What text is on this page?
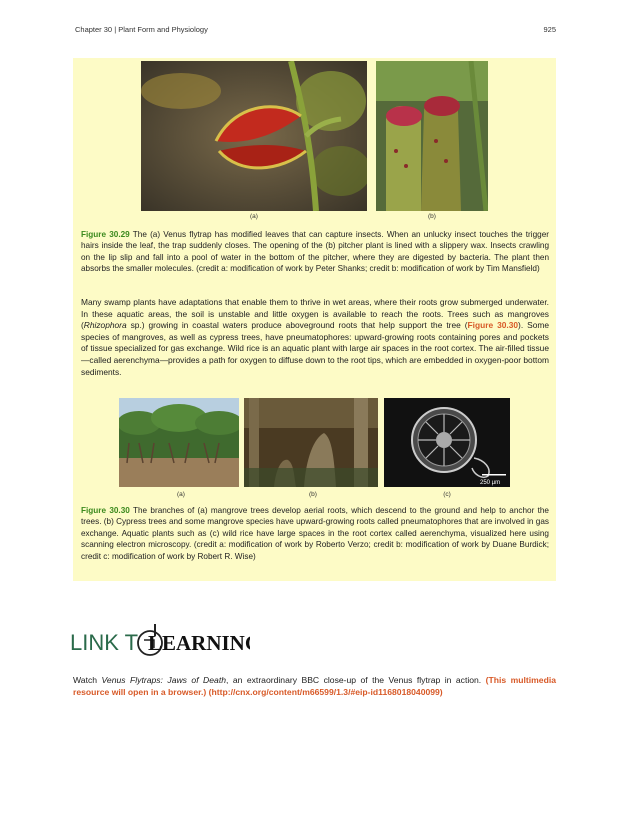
Chapter 30 | Plant Form and Physiology	925
(a)	(b)
Figure 30.29 The (a) Venus flytrap has modified leaves that can capture insects. When an unlucky insect touches the trigger hairs inside the leaf, the trap suddenly closes. The opening of the (b) pitcher plant is lined with a slippery wax. Insects crawling on the lip slip and fall into a pool of water in the bottom of the pitcher, where they are digested by bacteria. The plant then absorbs the smaller molecules. (credit a: modification of work by Peter Shanks; credit b: modification of work by Tim Mansfield)
Many swamp plants have adaptations that enable them to thrive in wet areas, where their roots grow submerged underwater. In these aquatic areas, the soil is unstable and little oxygen is available to reach the roots. Trees such as mangroves (Rhizophora sp.) growing in coastal waters produce aboveground roots that help support the tree (Figure 30.30). Some species of mangroves, as well as cypress trees, have pneumatophores: upward-growing roots containing pores and pockets of tissue specialized for gas exchange. Wild rice is an aquatic plant with large air spaces in the root cortex. The air-filled tissue—called aerenchyma—provides a path for oxygen to diffuse down to the root tips, which are embedded in oxygen-poor bottom sediments.
250 µm
(a)	(b)	(c)
Figure 30.30 The branches of (a) mangrove trees develop aerial roots, which descend to the ground and help to anchor the trees. (b) Cypress trees and some mangrove species have upward-growing roots called pneumatophores that are involved in gas exchange. Aquatic plants such as (c) wild rice have large spaces in the root cortex called aerenchyma, visualized here using scanning electron microscopy. (credit a: modification of work by Roberto Verzo; credit b: modification of work by Duane Burdick; credit c: modification of work by Robert R. Wise)
LINK T LEARNING
Watch Venus Flytraps: Jaws of Death, an extraordinary BBC close-up of the Venus flytrap in action. (This multimedia resource will open in a browser.) (http://cnx.org/content/m66599/1.3/#eip-id1168018040099)
